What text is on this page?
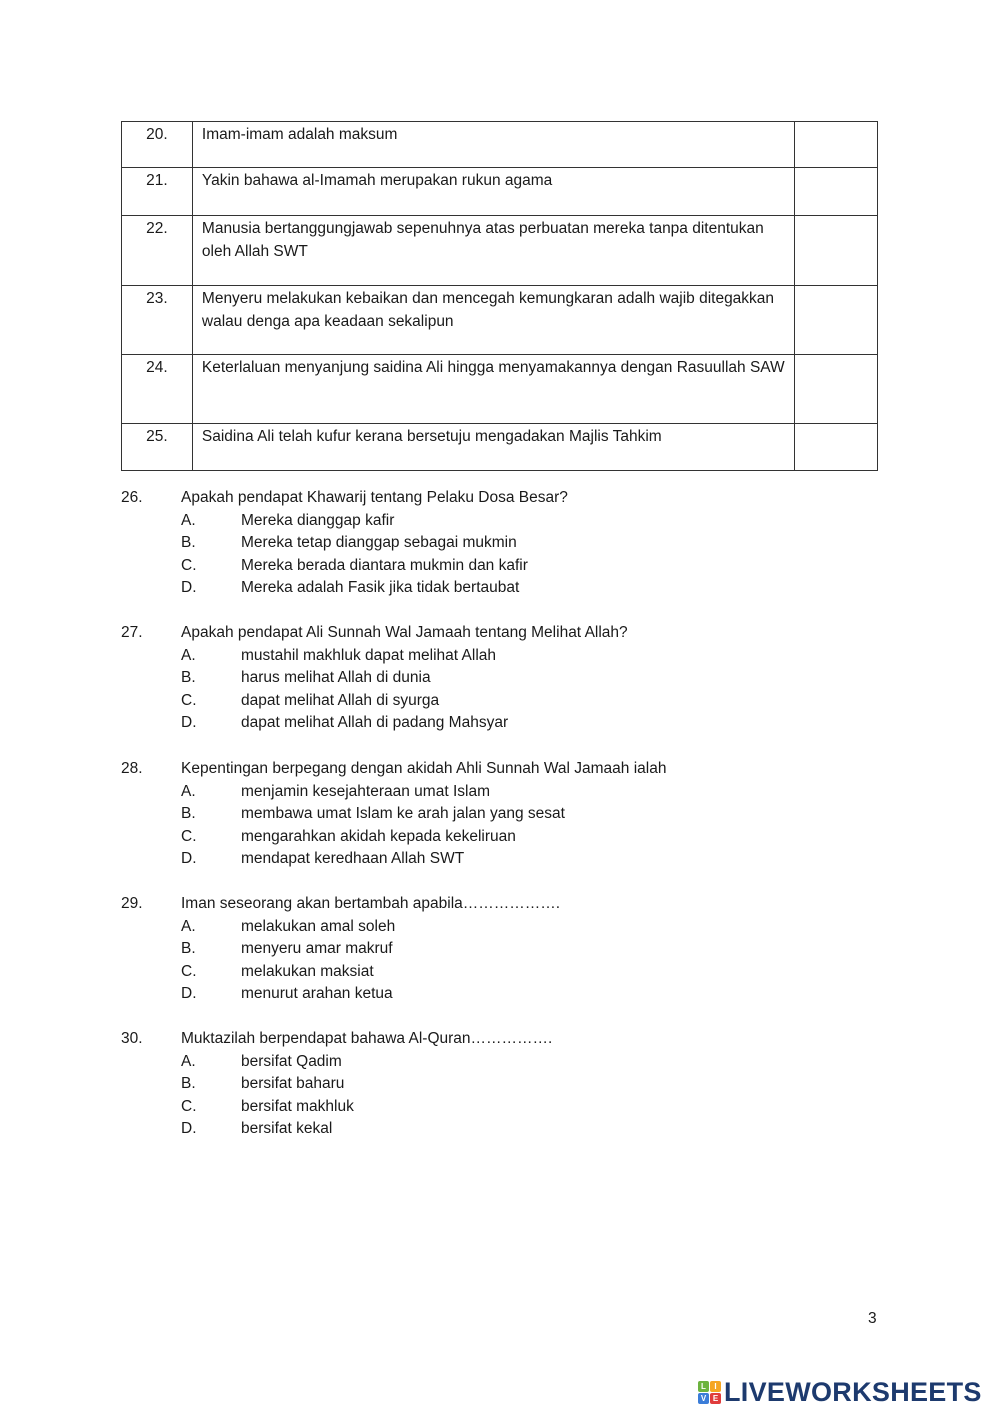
20.	Imam-imam adalah maksum	
21.	Yakin bahawa al-Imamah merupakan rukun agama	
22.	Manusia bertanggungjawab sepenuhnya atas perbuatan mereka tanpa ditentukan oleh Allah SWT	
23.	Menyeru melakukan kebaikan dan mencegah kemungkaran adalh wajib ditegakkan walau denga apa keadaan sekalipun	
24.	Keterlaluan menyanjung saidina Ali hingga menyamakannya dengan Rasuullah SAW	
25.	Saidina Ali telah kufur kerana bersetuju mengadakan Majlis Tahkim	
26.	Apakah pendapat Khawarij tentang Pelaku Dosa Besar?
A.	Mereka dianggap kafir
B.	Mereka tetap dianggap sebagai mukmin
C.	Mereka berada diantara mukmin dan kafir
D.	Mereka adalah Fasik jika tidak bertaubat
27.	Apakah pendapat Ali Sunnah Wal Jamaah tentang Melihat Allah?
A.	mustahil makhluk dapat melihat Allah
B.	harus melihat Allah di dunia
C.	dapat melihat Allah di syurga
D.	dapat melihat Allah di padang Mahsyar
28.	Kepentingan berpegang dengan akidah Ahli Sunnah Wal Jamaah ialah
A.	menjamin kesejahteraan umat Islam
B.	membawa umat Islam ke arah jalan yang sesat
C.	mengarahkan akidah kepada kekeliruan
D.	mendapat keredhaan Allah SWT
29.	Iman seseorang akan bertambah apabila……………….
A.	melakukan amal soleh
B.	menyeru amar makruf
C.	melakukan maksiat
D.	menurut arahan ketua
30.	Muktazilah berpendapat bahawa Al-Quran…………….
A.	bersifat Qadim
B.	bersifat baharu
C.	bersifat makhluk
D.	bersifat kekal
3
L	I
V E LIVEWORKSHEETS
